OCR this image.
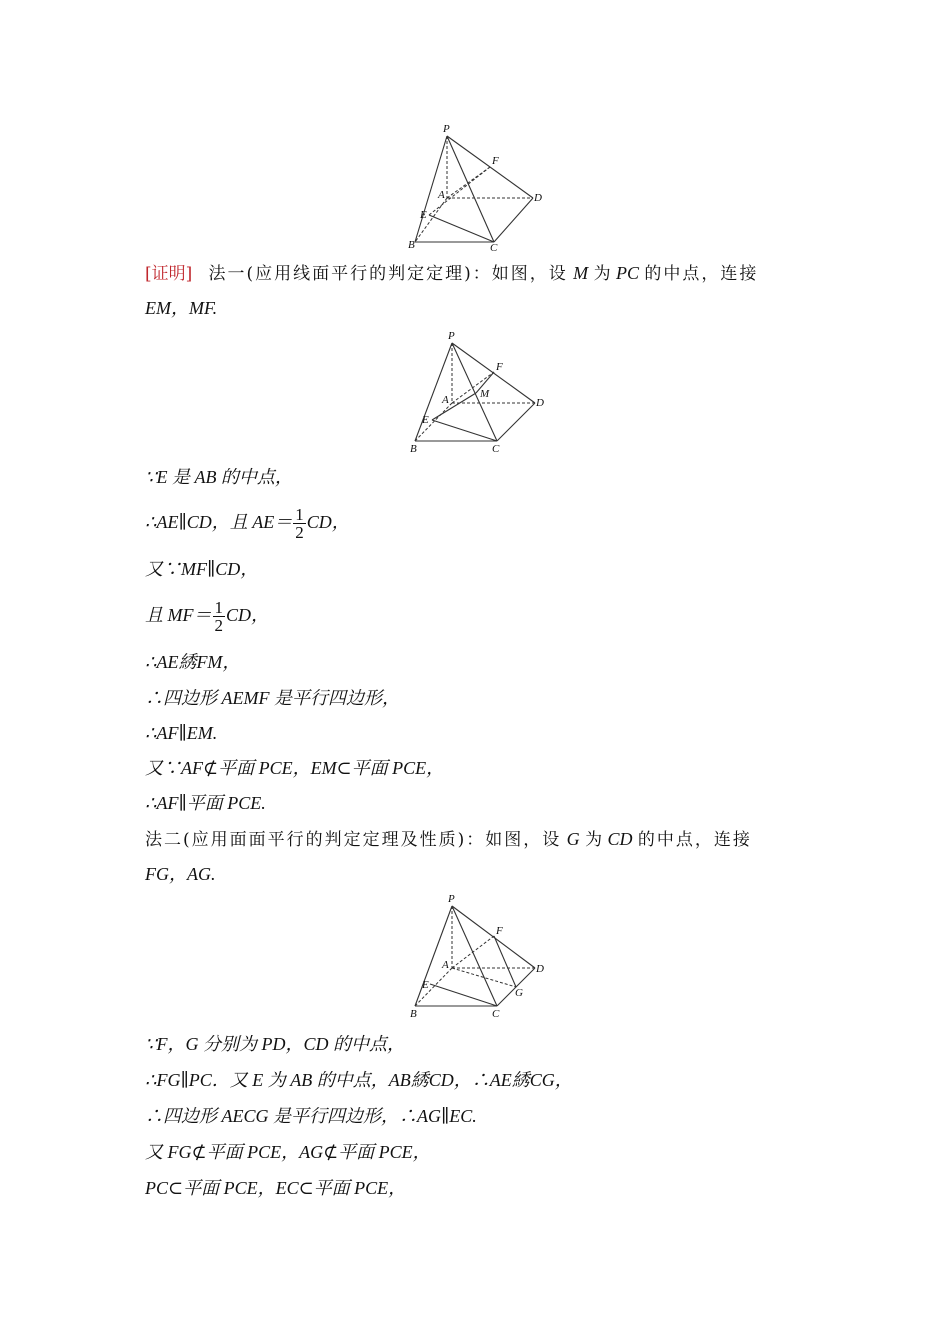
P
F
A	D
E
B	C
[证明] 法一(应用线面平行的判定定理)：如图，设 M 为 PC 的中点，连接
EM，MF.
P
F
M
A	D
E
B	C
∵E 是 AB 的中点，
∴AE∥CD，且 $AE= \frac{1}{2}$ CD，
又∵MF∥CD，
且 $MF= \frac{1}{2}$ CD，
∴AE綉FM，
∴四边形 AEMF 是平行四边形，
∴AF∥EM.
又∵AF⊄平面 PCE，EM⊂平面 PCE，
∴AF∥平面 PCE.
法二(应用面面平行的判定定理及性质)：如图，设 G 为 CD 的中点，连接
FG，AG.
P
F
A	D
E
G
B	C
∵F，G 分别为 PD，CD 的中点，
∴FG∥PC．又 E 为 AB 的中点，AB綉CD，∴AE綉CG，
∴四边形 AECG 是平行四边形，∴AG∥EC.
又 FG⊄平面 PCE，AG⊄平面 PCE，
PC⊂平面 PCE，EC⊂平面 PCE，
